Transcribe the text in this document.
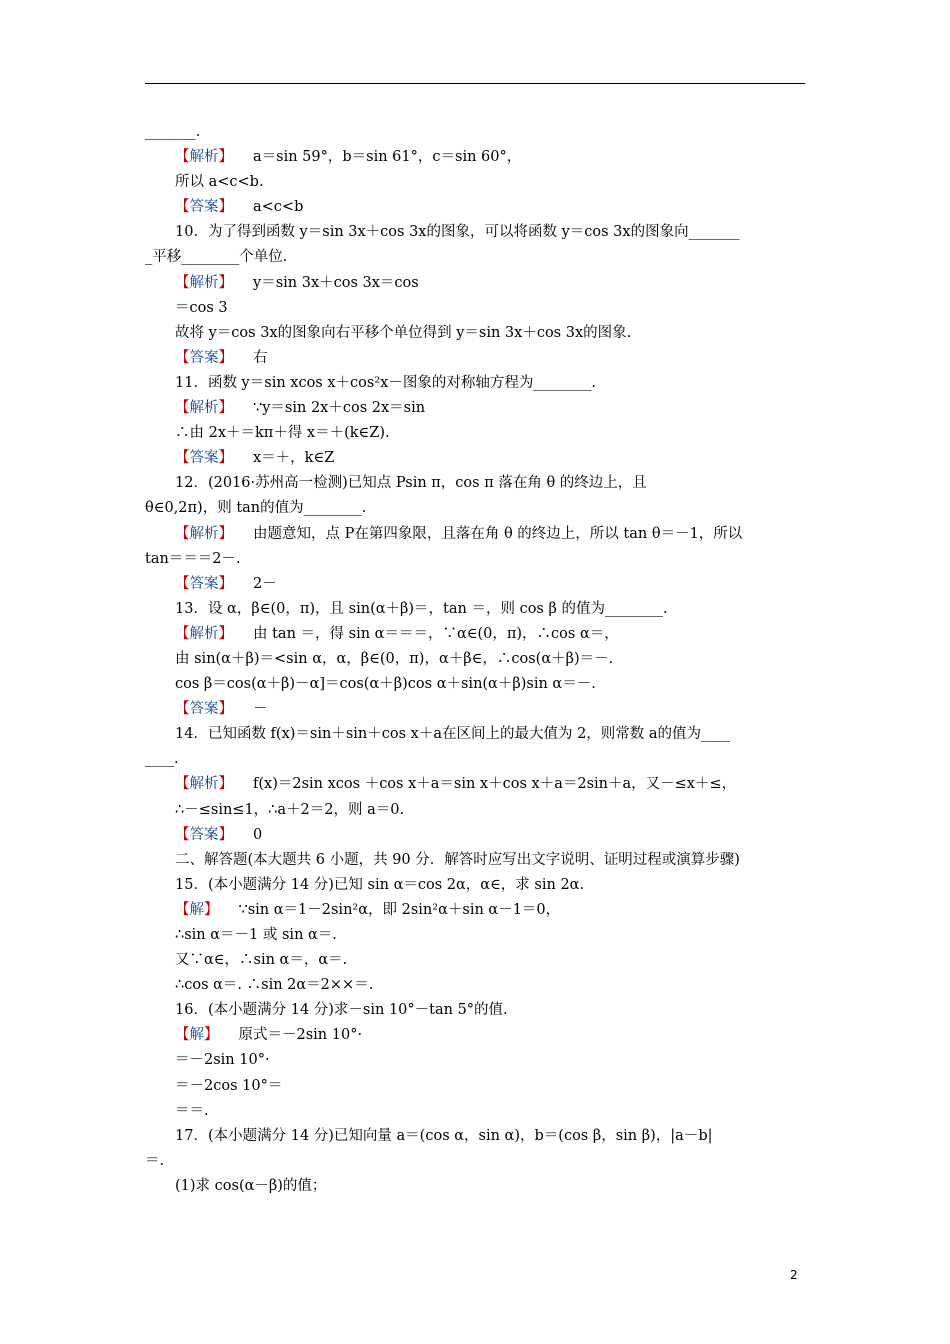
_______.
【解析】 a＝sin 59°，b＝sin 61°，c＝sin 60°，
所以 a<c<b.
【答案】 a<c<b
10．为了得到函数 y＝sin 3x＋cos 3x的图象，可以将函数 y＝cos 3x的图象向_______
_平移________个单位.
【解析】 y＝sin 3x＋cos 3x＝cos
＝cos 3
故将 y＝cos 3x的图象向右平移个单位得到 y＝sin 3x＋cos 3x的图象.
【答案】 右
11．函数 y＝sin xcos x＋cos²x－图象的对称轴方程为________.
【解析】 ∵y＝sin 2x＋cos 2x＝sin
∴由 2x＋＝kπ＋得 x＝＋(k∈Z).
【答案】 x＝＋，k∈Z
12．(2016·苏州高一检测)已知点 Psin π，cos π 落在角 θ 的终边上，且
θ∈0,2π)，则 tan的值为________.
【解析】 由题意知，点 P在第四象限，且落在角 θ 的终边上，所以 tan θ＝－1，所以
tan＝＝＝2－.
【答案】 2－
13．设 α，β∈(0，π)，且 sin(α＋β)＝，tan ＝，则 cos β 的值为________.
【解析】 由 tan ＝，得 sin α＝＝＝，∵α∈(0，π)，∴cos α＝，
由 sin(α＋β)＝<sin α，α，β∈(0，π)，α＋β∈，∴cos(α＋β)＝－.
cos β＝cos(α＋β)－α]＝cos(α＋β)cos α＋sin(α＋β)sin α＝－.
【答案】 －
14．已知函数 f(x)＝sin＋sin＋cos x＋a在区间上的最大值为 2，则常数 a的值为____
____.
【解析】 f(x)＝2sin xcos ＋cos x＋a＝sin x＋cos x＋a＝2sin＋a，又－≤x＋≤，
∴－≤sin≤1，∴a＋2＝2，则 a＝0.
【答案】 0
二、解答题(本大题共 6 小题，共 90 分．解答时应写出文字说明、证明过程或演算步骤)
15．(本小题满分 14 分)已知 sin α＝cos 2α，α∈，求 sin 2α.
【解】 ∵sin α＝1－2sin²α，即 2sin²α＋sin α－1＝0，
∴sin α＝－1 或 sin α＝.
又∵α∈，∴sin α＝，α＝.
∴cos α＝. ∴sin 2α＝2××＝.
16．(本小题满分 14 分)求－sin 10°－tan 5°的值.
【解】 原式＝－2sin 10°·
＝－2sin 10°·
＝－2cos 10°＝
＝＝.
17．(本小题满分 14 分)已知向量 a＝(cos α，sin α)，b＝(cos β，sin β)，|a－b|
＝.
(1)求 cos(α－β)的值；
2
